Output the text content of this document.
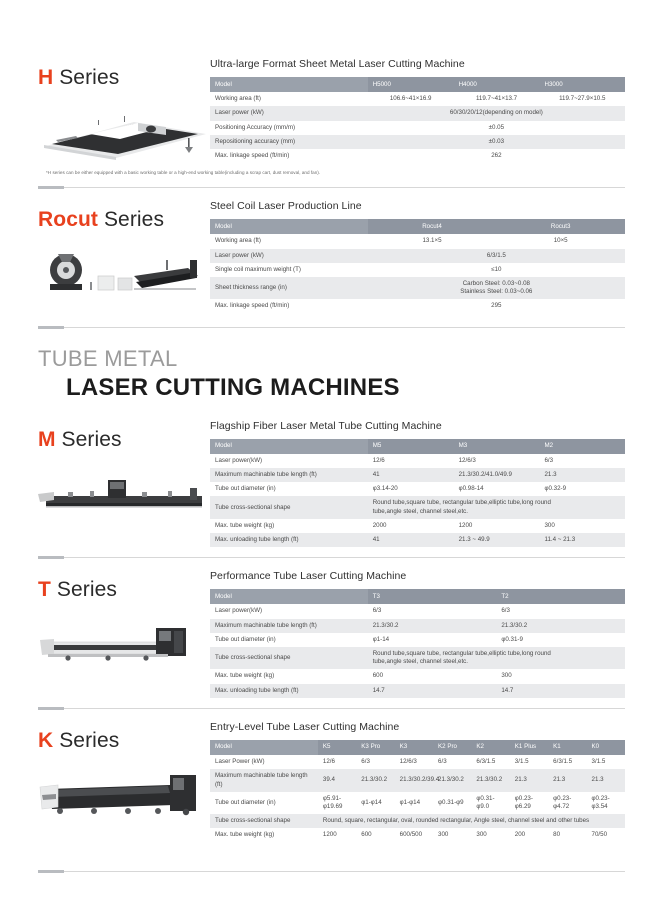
H Series
Ultra-large Format Sheet Metal Laser Cutting Machine
Model	H5000	H4000	H3000
Working area (ft)	106.6~41×16.9	119.7~41×13.7	119.7~27.9×10.5
Laser power (kW)	60/30/20/12(depending on model)		
Positioning Accuracy (mm/m)	±0.05		
Repositioning accuracy (mm)	±0.03		
Max. linkage speed (ft/min)	262		
*H series can be either equipped with a basic working table or a high-end working table(including a scrap cart, dust removal, and fan).
Rocut Series
Steel Coil Laser Production Line
Model	Rocut4	Rocut3
Working area (ft)	13.1×5	10×5
Laser power (kW)	6/3/1.5	
Single coil maximum weight (T)	≤10	
Sheet thickness range (in)	Carbon Steel: 0.03~0.08
Stainless Steel: 0.03~0.06	

Max. linkage speed (ft/min)	295	
TUBE METAL
LASER CUTTING MACHINES
M Series
Flagship Fiber Laser Metal Tube Cutting Machine
Model	M5	M3	M2
Laser power(kW)	12/6	12/6/3	6/3
Maximum machinable tube length (ft)	41	21.3/30.2/41.0/49.9	21.3
Tube out diameter (in)	φ3.14-20	φ0.98-14	φ0.32-9
Tube cross-sectional shape	Round tube,square tube, rectangular tube,elliptic tube,long round
tube,angle steel, channel steel,etc.		

Max. tube weight (kg)	2000	1200	300
Max. unloading tube length (ft)	41	21.3 ~ 49.9	11.4 ~ 21.3
T Series
Performance Tube Laser Cutting Machine
Model	T3	T2
Laser power(kW)	6/3	6/3
Maximum machinable tube length (ft)	21.3/30.2	21.3/30.2
Tube out diameter (in)	φ1-14	φ0.31-9
Tube cross-sectional shape	Round tube,square tube, rectangular tube,elliptic tube,long round
tube,angle steel, channel steel,etc.	

Max. tube weight (kg)	600	300
Max. unloading tube length (ft)	14.7	14.7
K Series
Entry-Level Tube Laser Cutting Machine
Model	K5	K3 Pro	K3	K2 Pro	K2	K1 Plus	K1	K0
Laser Power (kW)	12/6	6/3	12/6/3	6/3	6/3/1.5	3/1.5	6/3/1.5	3/1.5
Maximum machinable tube length (ft)	39.4	21.3/30.2	21.3/30.2/39.4	21.3/30.2	21.3/30.2	21.3	21.3	21.3
Tube out diameter (in)	φ5.91-φ19.69	φ1-φ14	φ1-φ14	φ0.31-φ9	φ0.31-φ9.0	φ0.23-φ6.29	φ0.23-φ4.72	φ0.23-φ3.54
Tube cross-sectional shape	Round, square, rectangular, oval, rounded rectangular, Angle steel, channel steel and other tubes							
Max. tube weight (kg)	1200	600	600/500	300	300	200	80	70/50
